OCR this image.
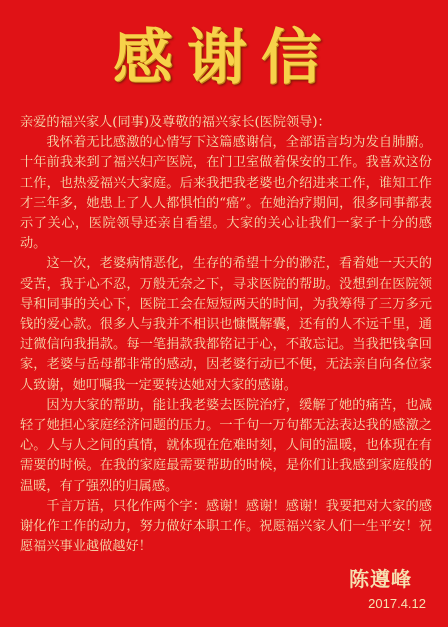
感谢信

亲爱的福兴家人(同事)及尊敬的福兴家长(医院领导)：

我怀着无比感激的心情写下这篇感谢信，全部语言均为发自肺腑。十年前我来到了福兴妇产医院，在门卫室做着保安的工作。我喜欢这份工作，也热爱福兴大家庭。后来我把我老婆也介绍进来工作，谁知工作才三年多，她患上了人人都惧怕的“癌”。在她治疗期间，很多同事都表示了关心，医院领导还亲自看望。大家的关心让我们一家子十分的感动。

这一次，老婆病情恶化，生存的希望十分的渺茫，看着她一天天的受苦，我于心不忍，万般无奈之下，寻求医院的帮助。没想到在医院领导和同事的关心下，医院工会在短短两天的时间，为我筹得了三万多元钱的爱心款。很多人与我并不相识也慷慨解囊，还有的人不远千里，通过微信向我捐款。每一笔捐款我都铭记于心，不敢忘记。当我把钱拿回家，老婆与岳母都非常的感动，因老婆行动已不便，无法亲自向各位家人致谢，她叮嘱我一定要转达她对大家的感谢。

因为大家的帮助，能让我老婆去医院治疗，缓解了她的痛苦，也减轻了她担心家庭经济问题的压力。一千句一万句都无法表达我的感激之心。人与人之间的真情，就体现在危难时刻，人间的温暖，也体现在有需要的时候。在我的家庭最需要帮助的时候，是你们让我感到家庭般的温暖，有了强烈的归属感。

千言万语，只化作两个字：感谢！感谢！感谢！我要把对大家的感谢化作工作的动力，努力做好本职工作。祝愿福兴家人们一生平安！祝愿福兴事业越做越好！

陈遵峰
2017.4.12
